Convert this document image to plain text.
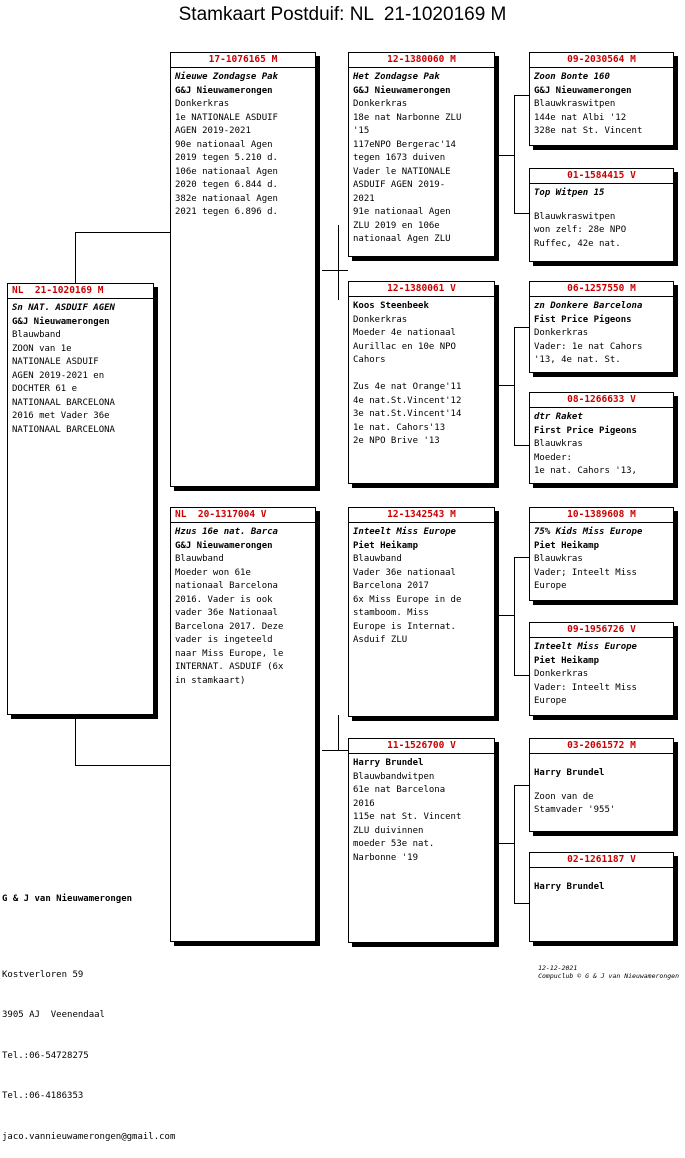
Stamkaart Postduif: NL  21-1020169 M
NL  21-1020169 M
Sn NAT. ASDUIF AGEN
G&J Nieuwamerongen
Blauwband
ZOON van 1e
NATIONALE ASDUIF
AGEN 2019-2021 en
DOCHTER 61 e
NATIONAAL BARCELONA
2016 met Vader 36e
NATIONAAL BARCELONA
17-1076165 M
Nieuwe Zondagse Pak
G&J Nieuwamerongen
Donkerkras
1e NATIONALE ASDUIF
AGEN 2019-2021
90e nationaal Agen
2019 tegen 5.210 d.
106e nationaal Agen
2020 tegen 6.844 d.
382e nationaal Agen
2021 tegen 6.896 d.
NL  20-1317004 V
Hzus 16e nat. Barca
G&J Nieuwamerongen
Blauwband
Moeder won 61e
nationaal Barcelona
2016. Vader is ook
vader 36e Nationaal
Barcelona 2017. Deze
vader is ingeteeld
naar Miss Europe, le
INTERNAT. ASDUIF (6x
in stamkaart)
12-1380060 M
Het Zondagse Pak
G&J Nieuwamerongen
Donkerkras
18e nat Narbonne ZLU
'15
117eNPO Bergerac'14
tegen 1673 duiven
Vader le NATIONALE
ASDUIF AGEN 2019-
2021
91e nationaal Agen
ZLU 2019 en 106e
nationaal Agen ZLU
12-1380061 V
Koos Steenbeek
Donkerkras
Moeder 4e nationaal
Aurillac en 10e NPO
Cahors

Zus 4e nat Orange'11
4e nat.St.Vincent'12
3e nat.St.Vincent'14
1e nat. Cahors'13
2e NPO Brive '13
12-1342543 M
Inteelt Miss Europe
Piet Heikamp
Blauwband
Vader 36e nationaal
Barcelona 2017
6x Miss Europe in de
stamboom. Miss
Europe is Internat.
Asduif ZLU
11-1526700 V
Harry Brundel
Blauwbandwitpen
61e nat Barcelona
2016
115e nat St. Vincent
ZLU duivinnen
moeder 53e nat.
Narbonne '19
09-2030564 M
Zoon Bonte 160
G&J Nieuwamerongen
Blauwkraswitpen
144e nat Albi '12
328e nat St. Vincent
01-1584415 V
Top Witpen 15
Blauwkraswitpen
won zelf: 28e NPO
Ruffec, 42e nat.
06-1257550 M
zn Donkere Barcelona
Fist Price Pigeons
Donkerkras
Vader: 1e nat Cahors
'13, 4e nat. St.
08-1266633 V
dtr Raket
First Price Pigeons
Blauwkras
Moeder:
1e nat. Cahors '13,
10-1389608 M
75% Kids Miss Europe
Piet Heikamp
Blauwkras
Vader; Inteelt Miss
Europe
09-1956726 V
Inteelt Miss Europe
Piet Heikamp
Donkerkras
Vader: Inteelt Miss
Europe
03-2061572 M
Harry Brundel
Zoon van de
Stamvader '955'
02-1261187 V
Harry Brundel

G & J van Nieuwamerongen

Kostverloren 59

3905 AJ  Veenendaal

Tel.:06-54728275

Tel.:06-4186353

jaco.vannieuwamerongen@gmail.com

12-12-2021
Compuclub © G & J van Nieuwamerongen
